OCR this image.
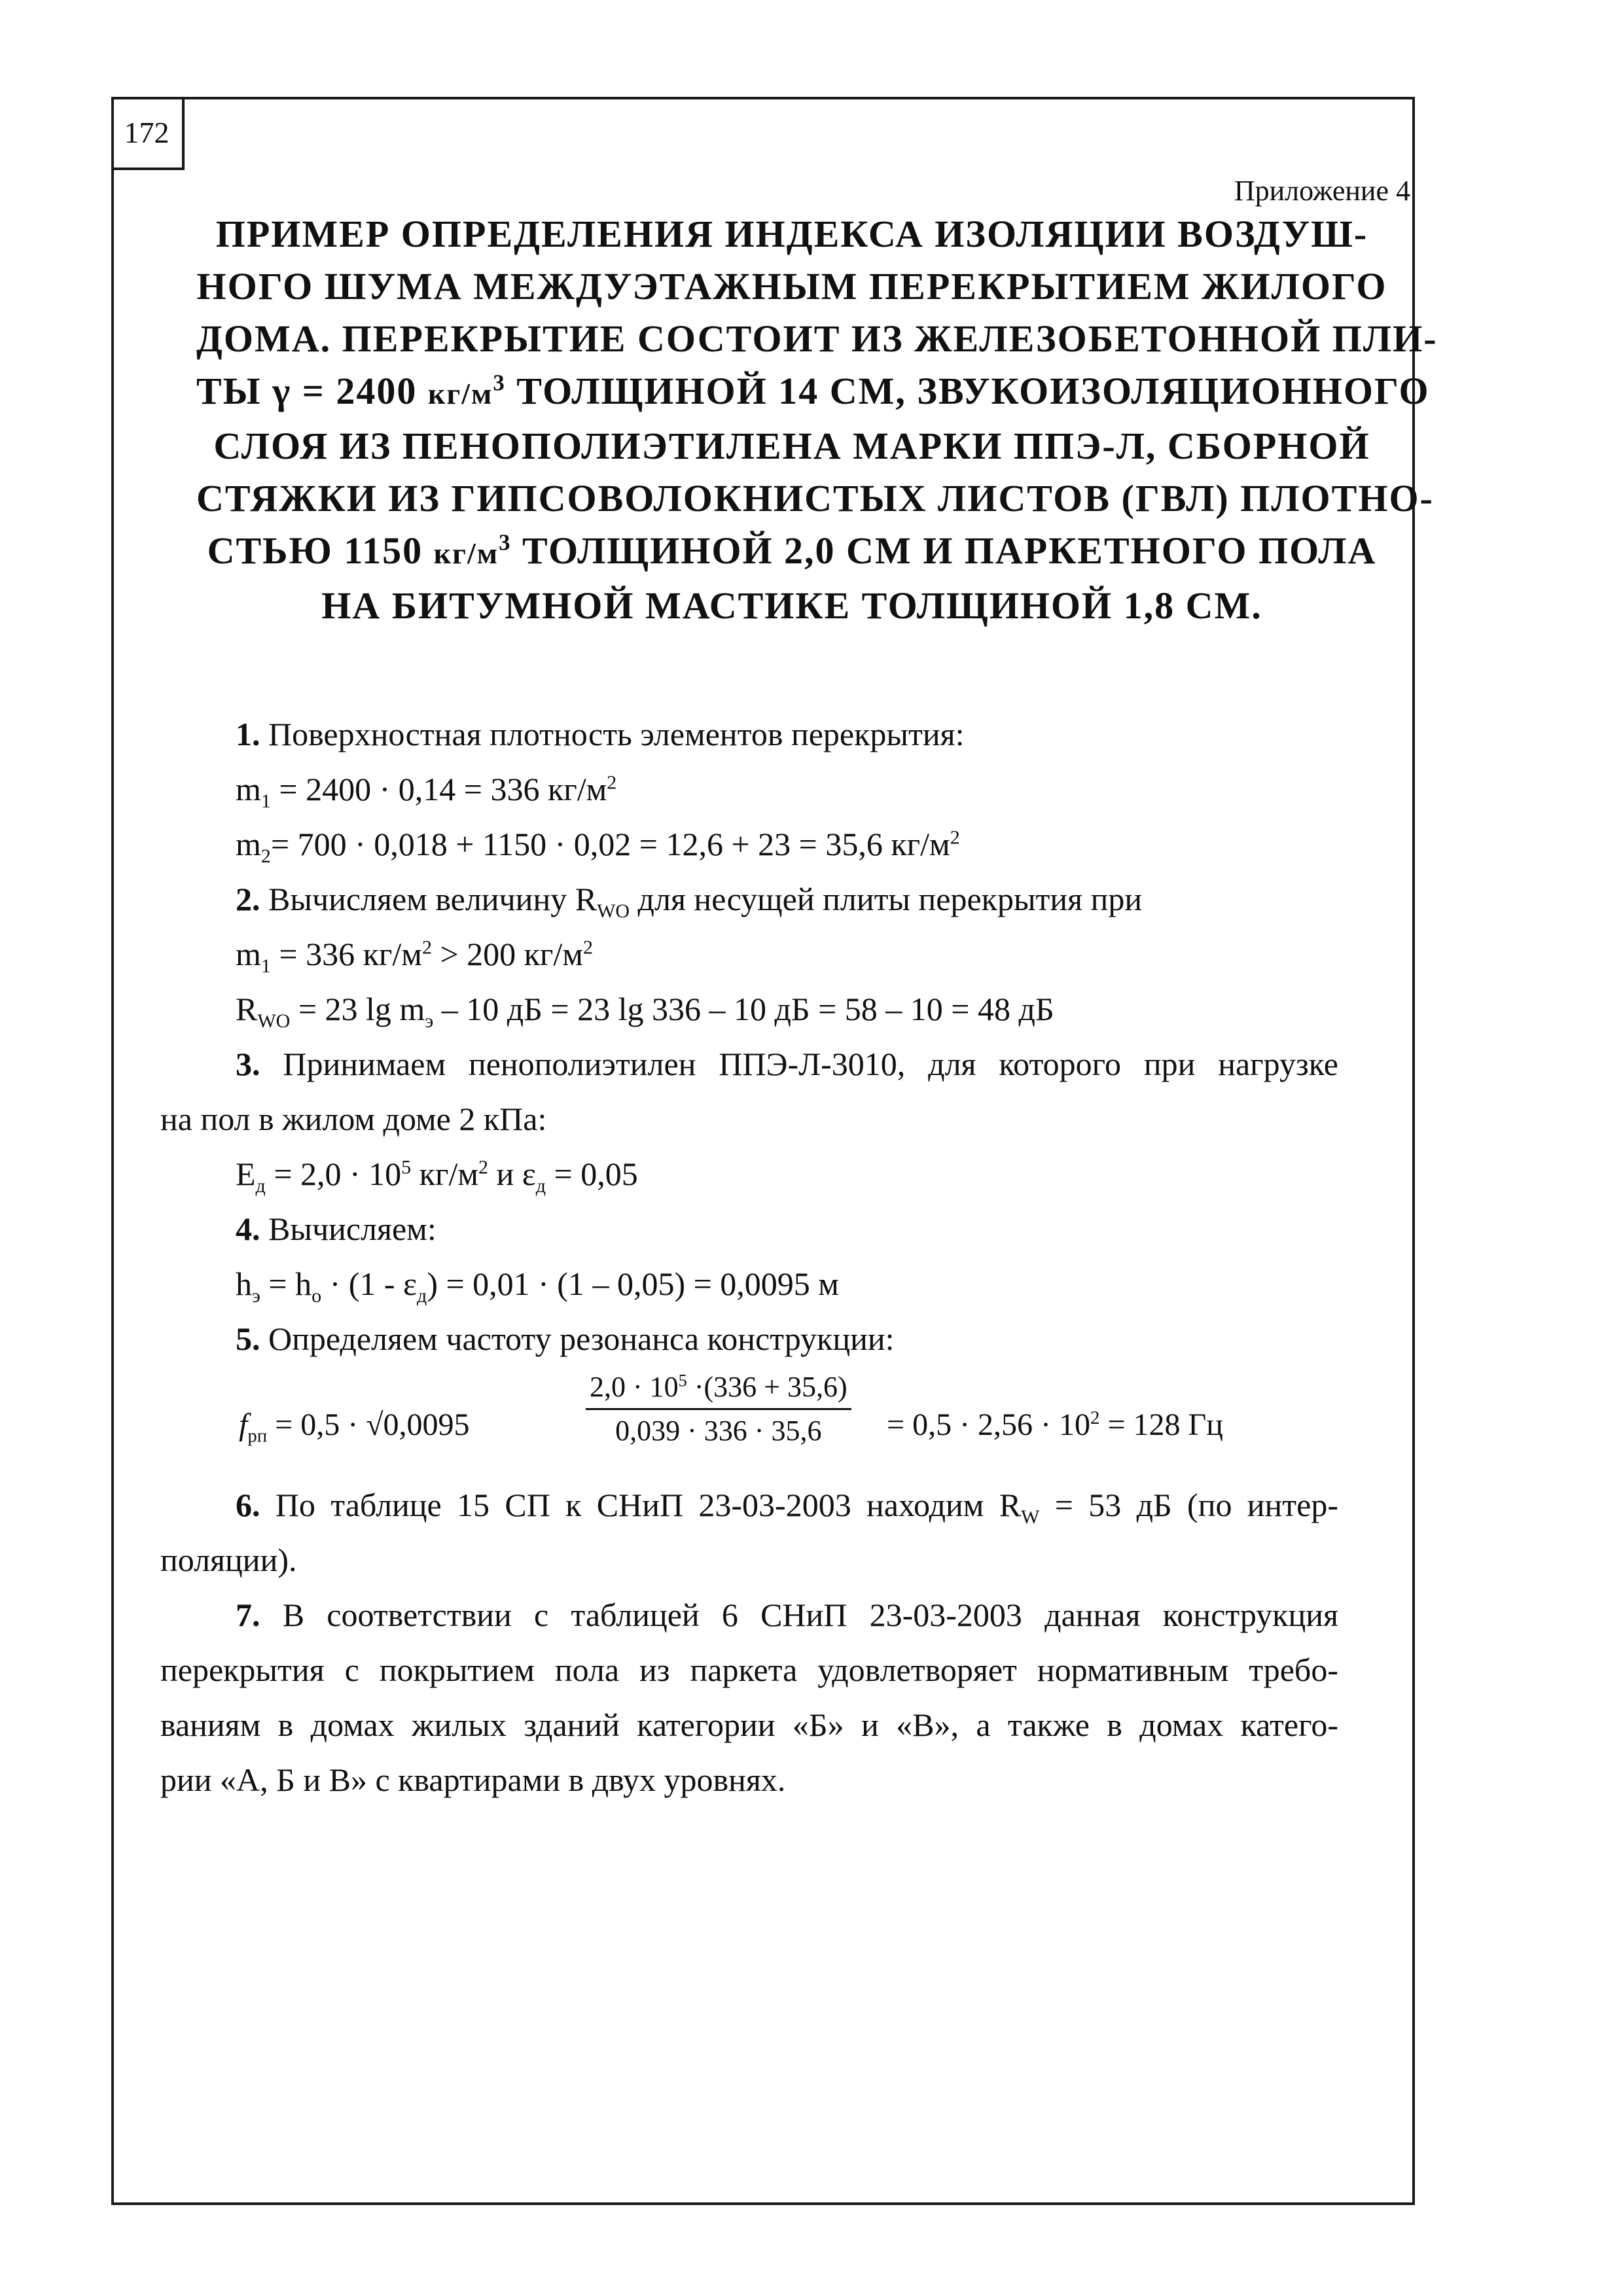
172
Приложение 4
ПРИМЕР ОПРЕДЕЛЕНИЯ ИНДЕКСА ИЗОЛЯЦИИ ВОЗДУШ-
НОГО ШУМА МЕЖДУЭТАЖНЫМ ПЕРЕКРЫТИЕМ ЖИЛОГО
ДОМА. ПЕРЕКРЫТИЕ СОСТОИТ ИЗ ЖЕЛЕЗОБЕТОННОЙ ПЛИ-
ТЫ γ = 2400 $кг/м^3$ ТОЛЩИНОЙ 14 СМ, ЗВУКОИЗОЛЯЦИОННОГО
СЛОЯ ИЗ ПЕНОПОЛИЭТИЛЕНА МАРКИ ППЭ-Л, СБОРНОЙ
СТЯЖКИ ИЗ ГИПСОВОЛОКНИСТЫХ ЛИСТОВ (ГВЛ) ПЛОТНО-
СТЬЮ 1150 $кг/м^3$ ТОЛЩИНОЙ 2,0 СМ И ПАРКЕТНОГО ПОЛА
НА БИТУМНОЙ МАСТИКЕ ТОЛЩИНОЙ 1,8 СМ.
1. Поверхностная плотность элементов перекрытия:
$m_1 = 2400 \cdot 0,14 = 336$ $кг/м^2$
$m_2= 700 \cdot 0,018 + 1150 \cdot 0,02 = 12,6 + 23 = 35,6$ $кг/м^2$
2. Вычисляем величину $R_{WO}$ для несущей плиты перекрытия при
$m_1 = 336$ $кг/м^2 > 200$ $кг/м^2$
$R_{WO} = 23$ $\lg m_э - 10$ дБ = 23 lg 336 – 10 дБ = 58 – 10 = 48 дБ
3. Принимаем пенополиэтилен ППЭ-Л-3010, для которого при нагрузке
на пол в жилом доме 2 кПа:
$E_д = 2,0 \cdot 10^5$ $кг/м^2$ и $\varepsilon_д = 0,05$
4. Вычисляем:
$h_э = h_o \cdot (1 - \varepsilon_д) = 0,01 \cdot (1 - 0,05) = 0,0095$ м
5. Определяем частоту резонанса конструкции:
$f_{рп} = 0,5 \cdot √0,0095$	$\frac{2,0 \cdot 10^5 \cdot(336 + 35,6)}{0,039 \cdot 336 \cdot 35,6} = 0,5 \cdot 2,56 \cdot 10^2 = 128$ Гц
6. По таблице 15 СП к СНиП 23-03-2003 находим $R_W = 53$ дБ (по интер-
поляции).
7. В соответствии с таблицей 6 СНиП 23-03-2003 данная конструкция
перекрытия с покрытием пола из паркета удовлетворяет нормативным требо-
ваниям в домах жилых зданий категории «Б» и «В», а также в домах катего-
рии «А, Б и В» с квартирами в двух уровнях.
